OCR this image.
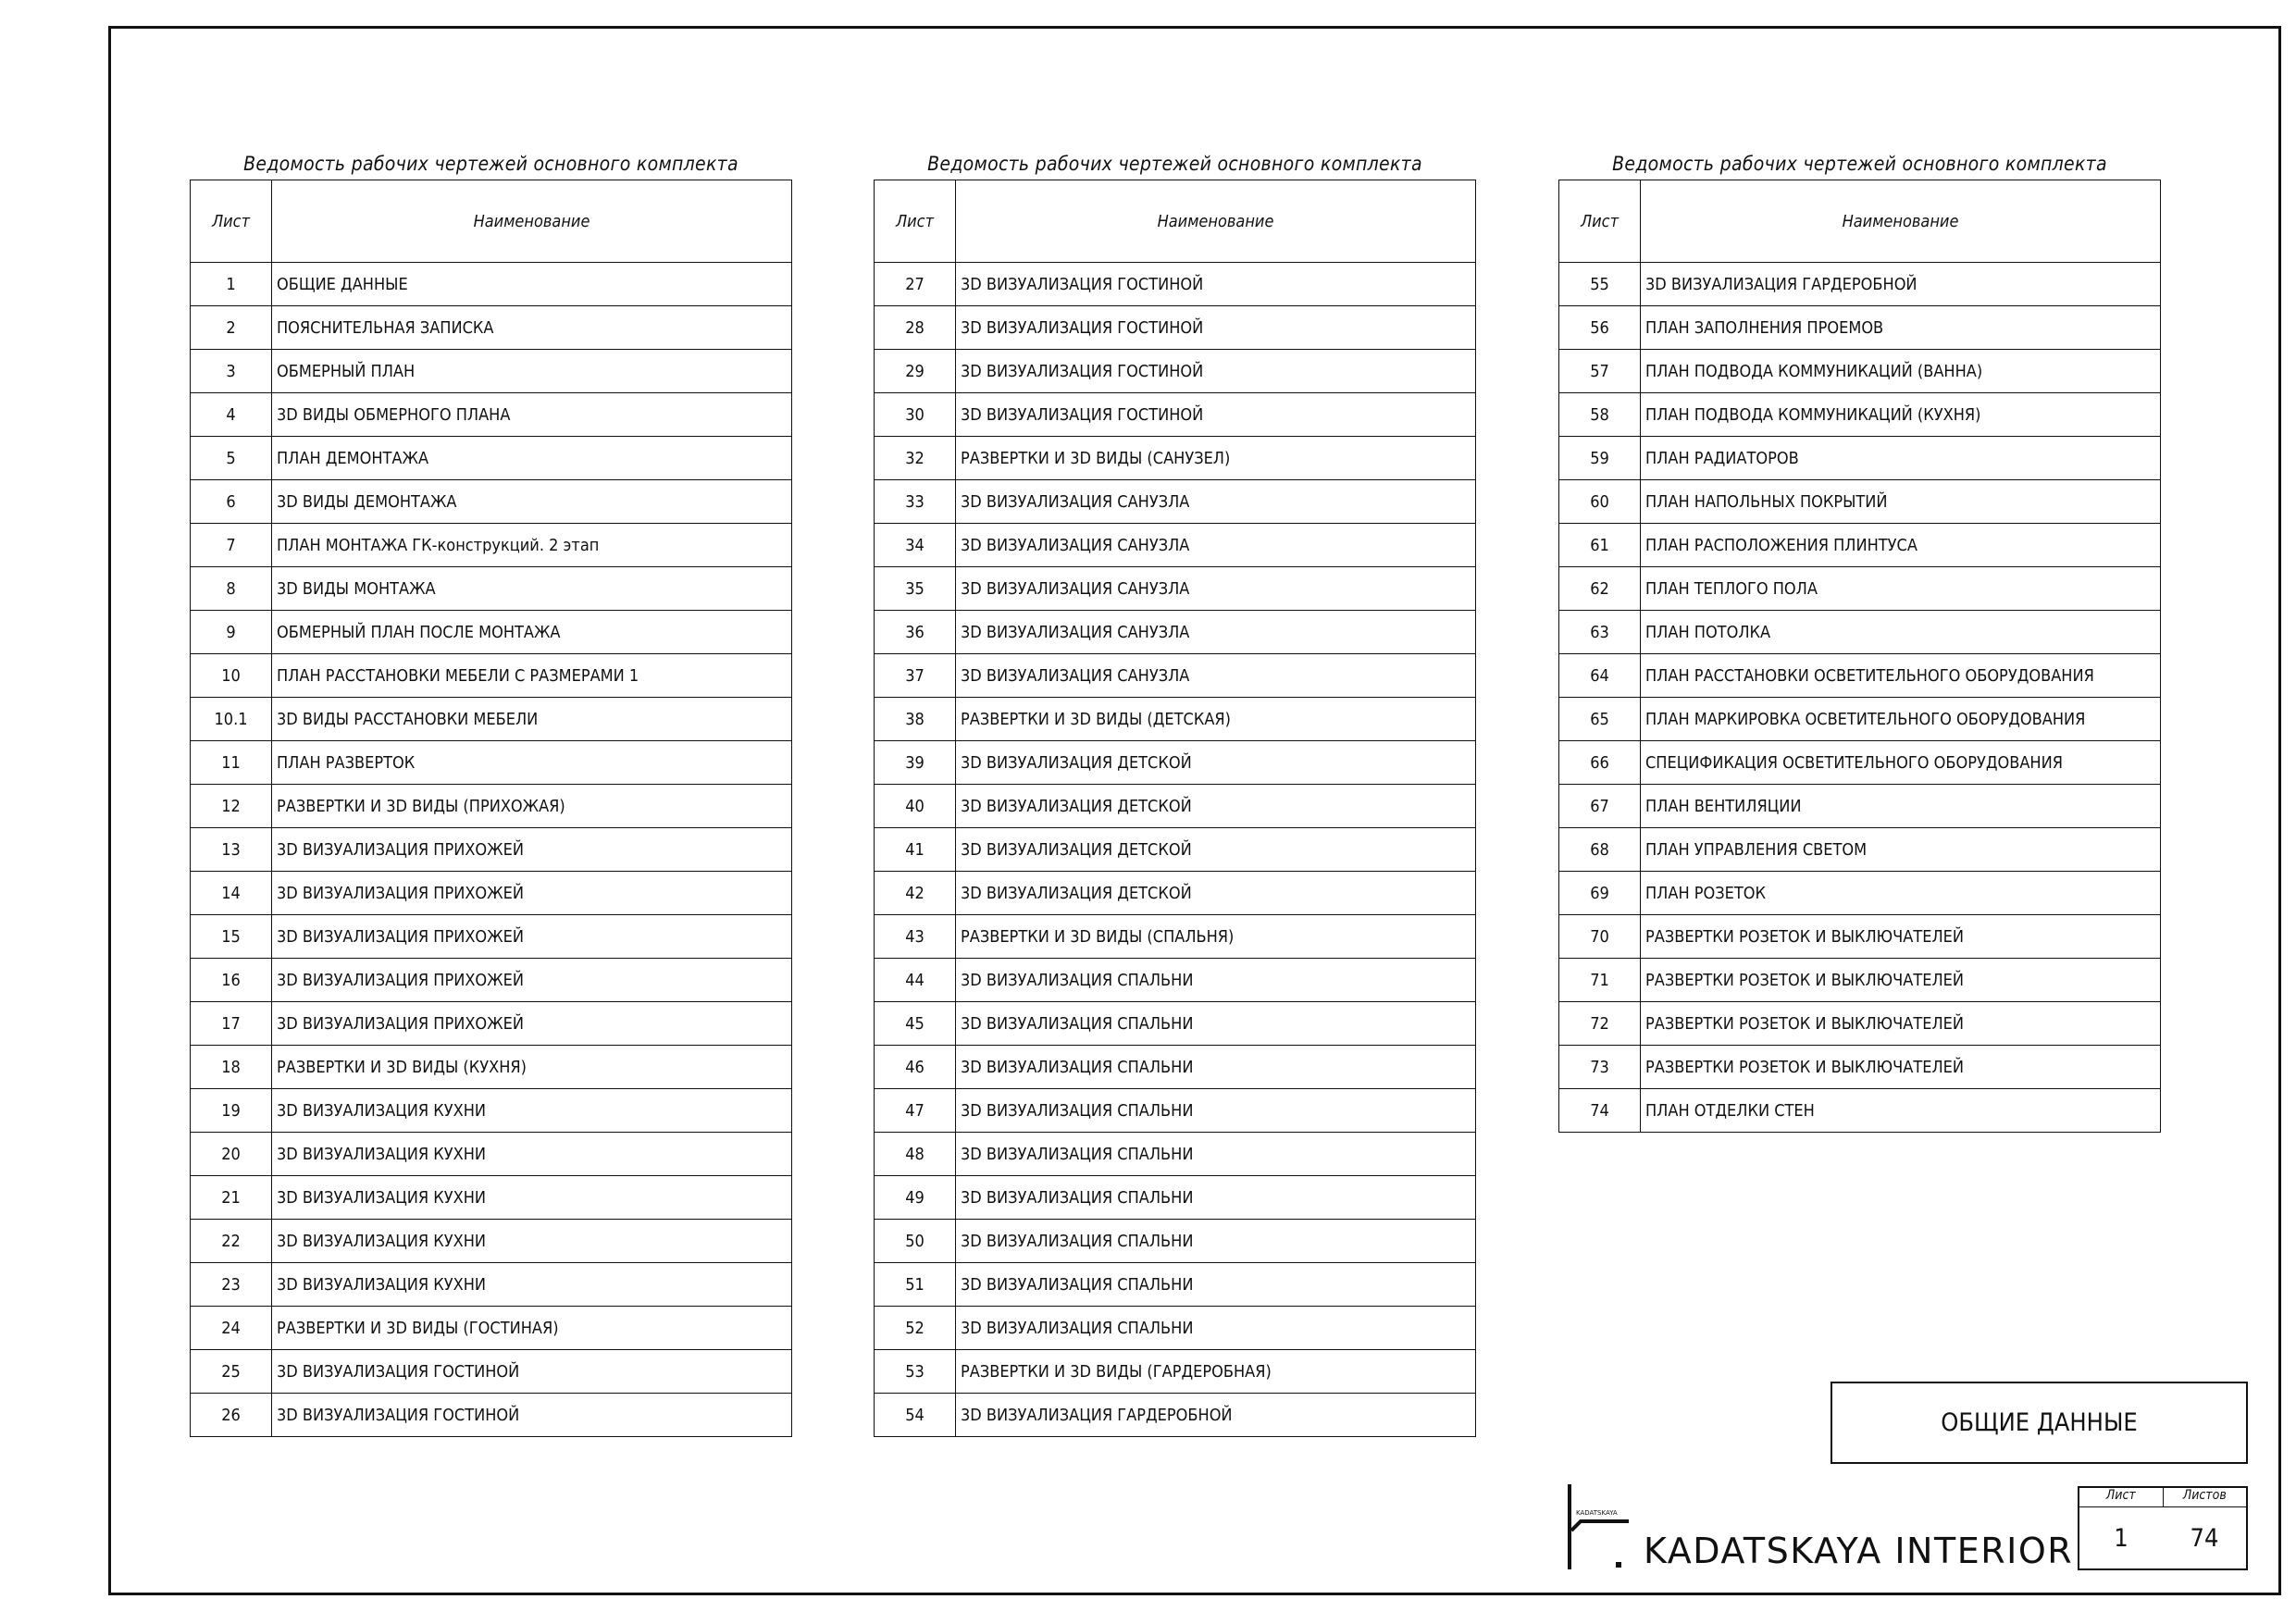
Ведомость рабочих чертежей основного комплекта
Лист	Наименование
1	ОБЩИЕ ДАННЫЕ
2	ПОЯСНИТЕЛЬНАЯ ЗАПИСКА
3	ОБМЕРНЫЙ ПЛАН
4	3D ВИДЫ ОБМЕРНОГО ПЛАНА
5	ПЛАН ДЕМОНТАЖА
6	3D ВИДЫ ДЕМОНТАЖА
7	ПЛАН МОНТАЖА ГК-конструкций. 2 этап
8	3D ВИДЫ МОНТАЖА
9	ОБМЕРНЫЙ ПЛАН ПОСЛЕ МОНТАЖА
10	ПЛАН РАССТАНОВКИ МЕБЕЛИ С РАЗМЕРАМИ 1
10.1	3D ВИДЫ РАССТАНОВКИ МЕБЕЛИ
11	ПЛАН РАЗВЕРТОК
12	РАЗВЕРТКИ И 3D ВИДЫ (ПРИХОЖАЯ)
13	3D ВИЗУАЛИЗАЦИЯ ПРИХОЖЕЙ
14	3D ВИЗУАЛИЗАЦИЯ ПРИХОЖЕЙ
15	3D ВИЗУАЛИЗАЦИЯ ПРИХОЖЕЙ
16	3D ВИЗУАЛИЗАЦИЯ ПРИХОЖЕЙ
17	3D ВИЗУАЛИЗАЦИЯ ПРИХОЖЕЙ
18	РАЗВЕРТКИ И 3D ВИДЫ (КУХНЯ)
19	3D ВИЗУАЛИЗАЦИЯ КУХНИ
20	3D ВИЗУАЛИЗАЦИЯ КУХНИ
21	3D ВИЗУАЛИЗАЦИЯ КУХНИ
22	3D ВИЗУАЛИЗАЦИЯ КУХНИ
23	3D ВИЗУАЛИЗАЦИЯ КУХНИ
24	РАЗВЕРТКИ И 3D ВИДЫ (ГОСТИНАЯ)
25	3D ВИЗУАЛИЗАЦИЯ ГОСТИНОЙ
26	3D ВИЗУАЛИЗАЦИЯ ГОСТИНОЙ
Ведомость рабочих чертежей основного комплекта
Лист	Наименование
27	3D ВИЗУАЛИЗАЦИЯ ГОСТИНОЙ
28	3D ВИЗУАЛИЗАЦИЯ ГОСТИНОЙ
29	3D ВИЗУАЛИЗАЦИЯ ГОСТИНОЙ
30	3D ВИЗУАЛИЗАЦИЯ ГОСТИНОЙ
32	РАЗВЕРТКИ И 3D ВИДЫ (САНУЗЕЛ)
33	3D ВИЗУАЛИЗАЦИЯ САНУЗЛА
34	3D ВИЗУАЛИЗАЦИЯ САНУЗЛА
35	3D ВИЗУАЛИЗАЦИЯ САНУЗЛА
36	3D ВИЗУАЛИЗАЦИЯ САНУЗЛА
37	3D ВИЗУАЛИЗАЦИЯ САНУЗЛА
38	РАЗВЕРТКИ И 3D ВИДЫ (ДЕТСКАЯ)
39	3D ВИЗУАЛИЗАЦИЯ ДЕТСКОЙ
40	3D ВИЗУАЛИЗАЦИЯ ДЕТСКОЙ
41	3D ВИЗУАЛИЗАЦИЯ ДЕТСКОЙ
42	3D ВИЗУАЛИЗАЦИЯ ДЕТСКОЙ
43	РАЗВЕРТКИ И 3D ВИДЫ (СПАЛЬНЯ)
44	3D ВИЗУАЛИЗАЦИЯ СПАЛЬНИ
45	3D ВИЗУАЛИЗАЦИЯ СПАЛЬНИ
46	3D ВИЗУАЛИЗАЦИЯ СПАЛЬНИ
47	3D ВИЗУАЛИЗАЦИЯ СПАЛЬНИ
48	3D ВИЗУАЛИЗАЦИЯ СПАЛЬНИ
49	3D ВИЗУАЛИЗАЦИЯ СПАЛЬНИ
50	3D ВИЗУАЛИЗАЦИЯ СПАЛЬНИ
51	3D ВИЗУАЛИЗАЦИЯ СПАЛЬНИ
52	3D ВИЗУАЛИЗАЦИЯ СПАЛЬНИ
53	РАЗВЕРТКИ И 3D ВИДЫ (ГАРДЕРОБНАЯ)
54	3D ВИЗУАЛИЗАЦИЯ ГАРДЕРОБНОЙ
Ведомость рабочих чертежей основного комплекта
Лист	Наименование
55	3D ВИЗУАЛИЗАЦИЯ ГАРДЕРОБНОЙ
56	ПЛАН ЗАПОЛНЕНИЯ ПРОЕМОВ
57	ПЛАН ПОДВОДА КОММУНИКАЦИЙ (ВАННА)
58	ПЛАН ПОДВОДА КОММУНИКАЦИЙ (КУХНЯ)
59	ПЛАН РАДИАТОРОВ
60	ПЛАН НАПОЛЬНЫХ ПОКРЫТИЙ
61	ПЛАН РАСПОЛОЖЕНИЯ ПЛИНТУСА
62	ПЛАН ТЕПЛОГО ПОЛА
63	ПЛАН ПОТОЛКА
64	ПЛАН РАССТАНОВКИ ОСВЕТИТЕЛЬНОГО ОБОРУДОВАНИЯ
65	ПЛАН МАРКИРОВКА ОСВЕТИТЕЛЬНОГО ОБОРУДОВАНИЯ
66	СПЕЦИФИКАЦИЯ ОСВЕТИТЕЛЬНОГО ОБОРУДОВАНИЯ
67	ПЛАН ВЕНТИЛЯЦИИ
68	ПЛАН УПРАВЛЕНИЯ СВЕТОМ
69	ПЛАН РОЗЕТОК
70	РАЗВЕРТКИ РОЗЕТОК И ВЫКЛЮЧАТЕЛЕЙ
71	РАЗВЕРТКИ РОЗЕТОК И ВЫКЛЮЧАТЕЛЕЙ
72	РАЗВЕРТКИ РОЗЕТОК И ВЫКЛЮЧАТЕЛЕЙ
73	РАЗВЕРТКИ РОЗЕТОК И ВЫКЛЮЧАТЕЛЕЙ
74	ПЛАН ОТДЕЛКИ СТЕН
ОБЩИЕ ДАННЫЕ
Лист	Листов
1	74
KADATSKAYA
KADATSKAYA INTERIOR
